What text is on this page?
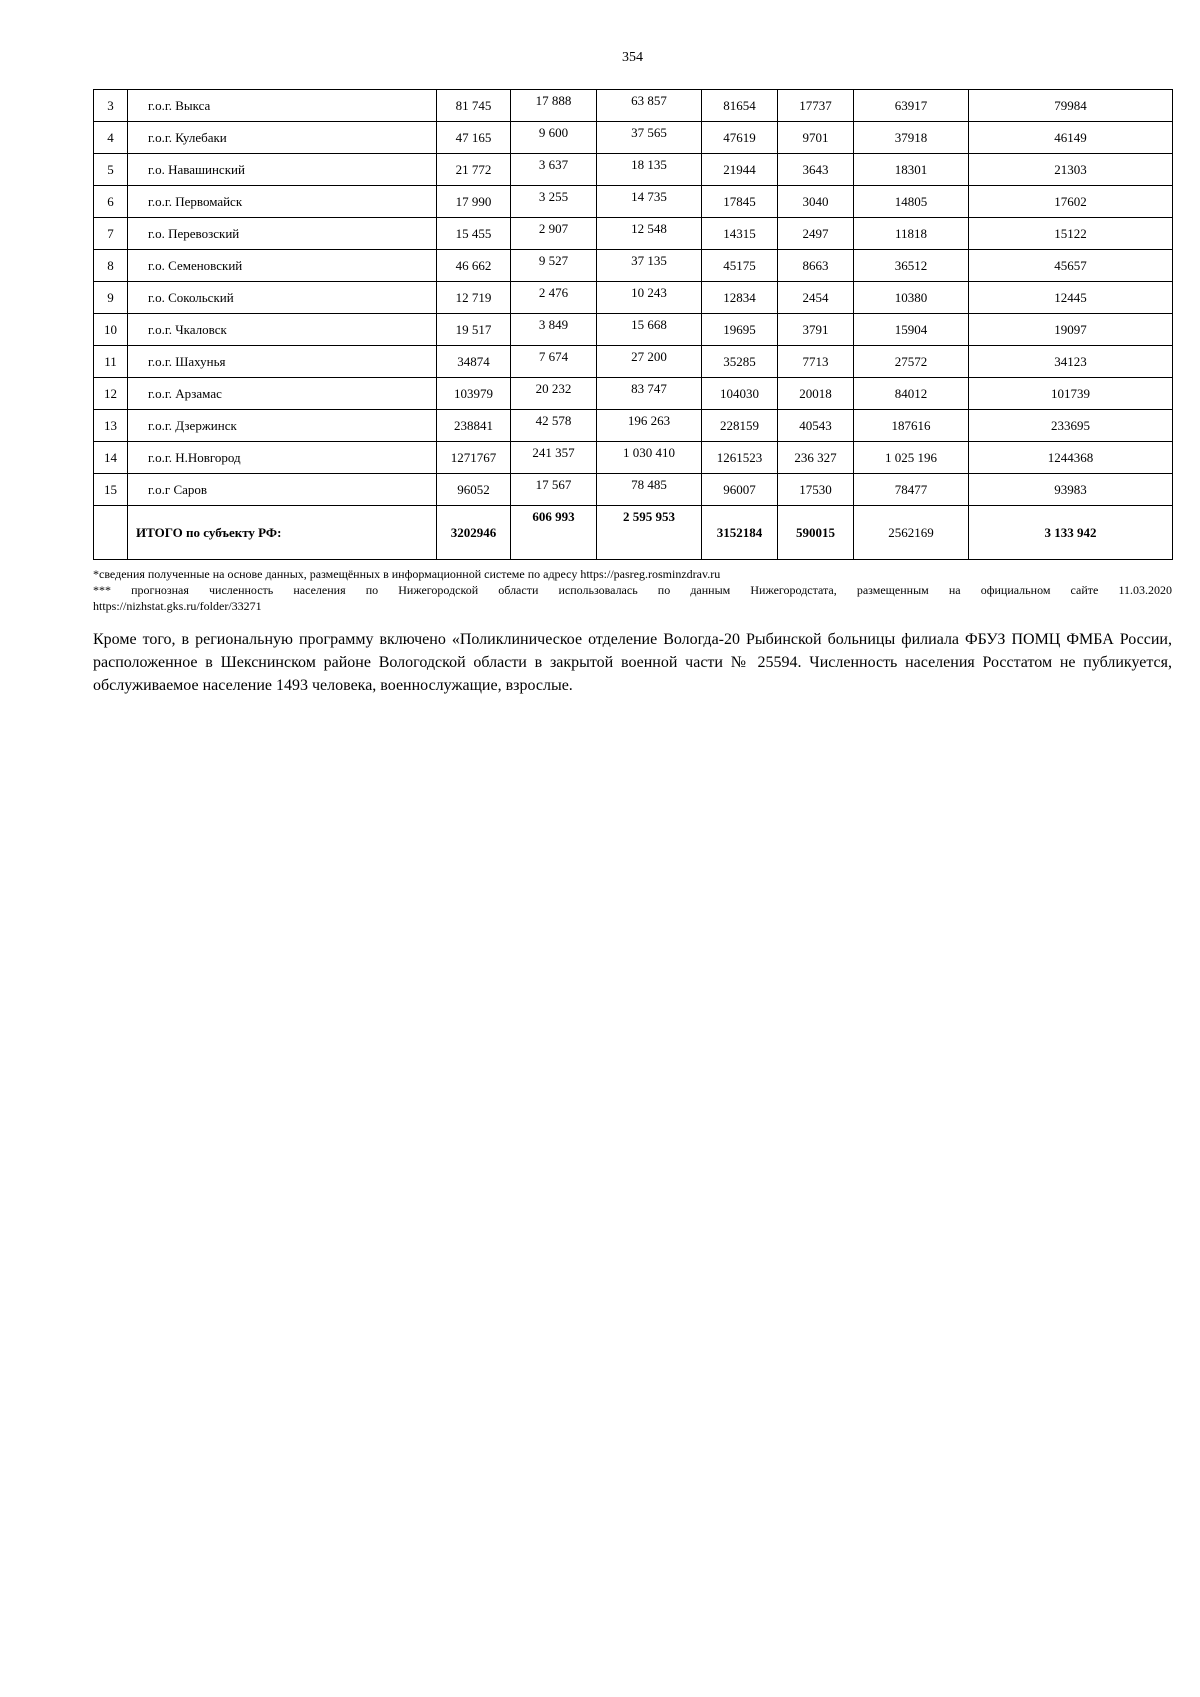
354
3	г.о.г. Выкса	81 745	17 888	63 857	81654	17737	63917	79984
4	г.о.г. Кулебаки	47 165	9 600	37 565	47619	9701	37918	46149
5	г.о. Навашинский	21 772	3 637	18 135	21944	3643	18301	21303
6	г.о.г. Первомайск	17 990	3 255	14 735	17845	3040	14805	17602
7	г.о. Перевозский	15 455	2 907	12 548	14315	2497	11818	15122
8	г.о. Семеновский	46 662	9 527	37 135	45175	8663	36512	45657
9	г.о. Сокольский	12 719	2 476	10 243	12834	2454	10380	12445
10	г.о.г. Чкаловск	19 517	3 849	15 668	19695	3791	15904	19097
11	г.о.г. Шахунья	34874	7 674	27 200	35285	7713	27572	34123
12	г.о.г. Арзамас	103979	20 232	83 747	104030	20018	84012	101739
13	г.о.г. Дзержинск	238841	42 578	196 263	228159	40543	187616	233695
14	г.о.г. Н.Новгород	1271767	241 357	1 030 410	1261523	236 327	1 025 196	1244368
15	г.о.г Саров	96052	17 567	78 485	96007	17530	78477	93983
	ИТОГО по субъекту РФ:	3202946	606 993	2 595 953	3152184	590015	2562169	3 133 942
*сведения полученные на основе данных, размещённых в информационной системе по адресу https://pasreg.rosminzdrav.ru
*** прогнозная численность населения по Нижегородской области использовалась по данным Нижегородстата, размещенным на официальном сайте 11.03.2020
https://nizhstat.gks.ru/folder/33271
Кроме того, в региональную программу включено «Поликлиническое отделение Вологда-20 Рыбинской больницы филиала ФБУЗ ПОМЦ ФМБА России, расположенное в Шекснинском районе Вологодской области в закрытой военной части № 25594. Численность населения Росстатом не публикуется, обслуживаемое население 1493 человека, военнослужащие, взрослые.
